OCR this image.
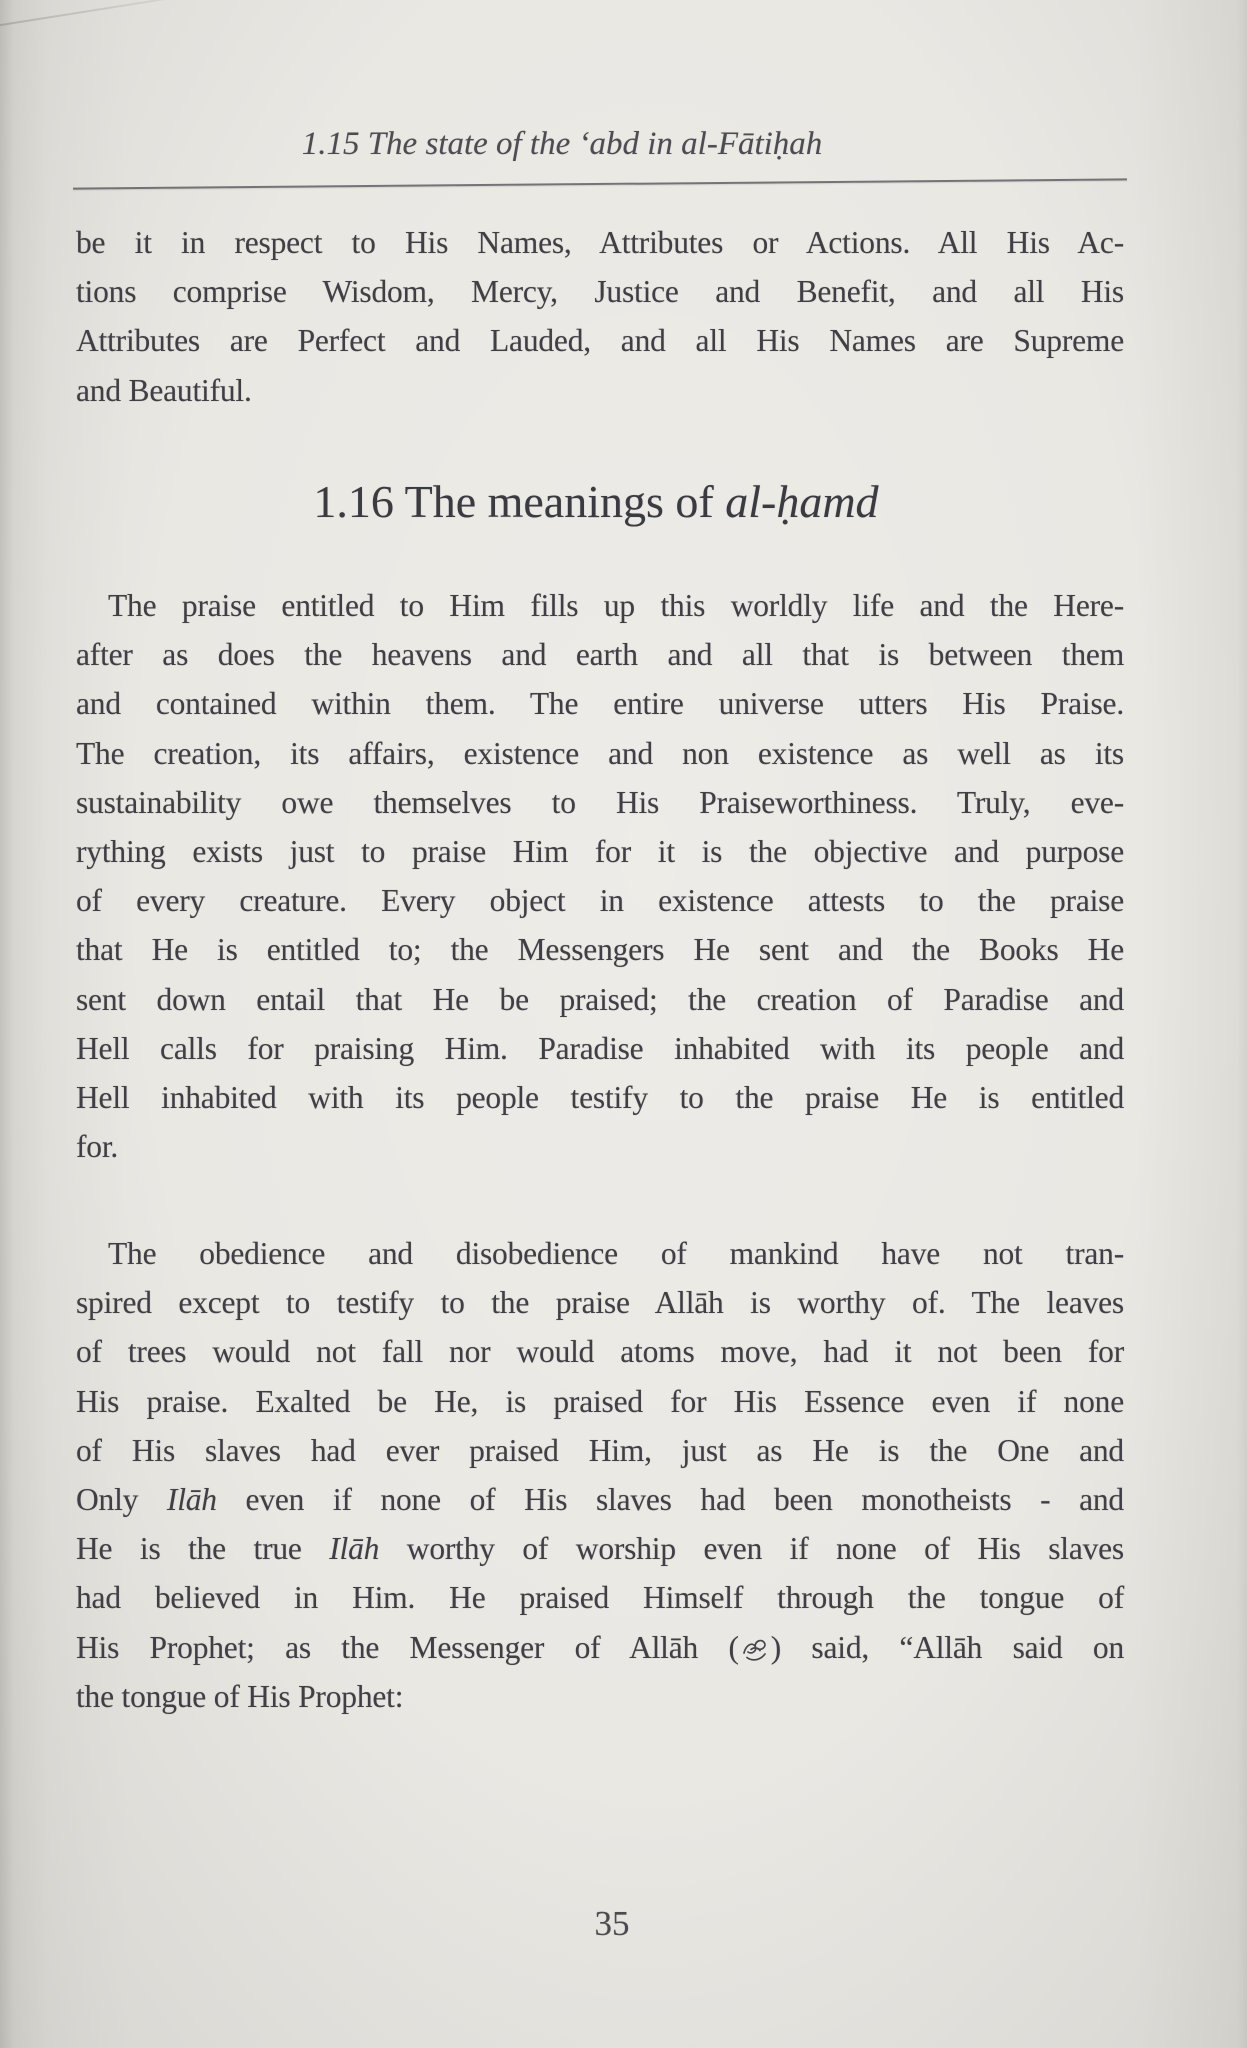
1.15 The state of the ‘abd in al-Fātiḥah
be it in respect to His Names, Attributes or Actions. All His Ac-
tions comprise Wisdom, Mercy, Justice and Benefit, and all His
Attributes are Perfect and Lauded, and all His Names are Supreme
and Beautiful.
1.16 The meanings of al-ḥamd
The praise entitled to Him fills up this worldly life and the Here-
after as does the heavens and earth and all that is between them
and contained within them. The entire universe utters His Praise.
The creation, its affairs, existence and non existence as well as its
sustainability owe themselves to His Praiseworthiness. Truly, eve-
rything exists just to praise Him for it is the objective and purpose
of every creature. Every object in existence attests to the praise
that He is entitled to; the Messengers He sent and the Books He
sent down entail that He be praised; the creation of Paradise and
Hell calls for praising Him. Paradise inhabited with its people and
Hell inhabited with its people testify to the praise He is entitled
for.
The obedience and disobedience of mankind have not tran-
spired except to testify to the praise Allāh is worthy of. The leaves
of trees would not fall nor would atoms move, had it not been for
His praise. Exalted be He, is praised for His Essence even if none
of His slaves had ever praised Him, just as He is the One and
Only Ilāh even if none of His slaves had been monotheists - and
He is the true Ilāh worthy of worship even if none of His slaves
had believed in Him. He praised Himself through the tongue of
His Prophet; as the Messenger of Allāh ( ) said, “Allāh said on
the tongue of His Prophet:
35
